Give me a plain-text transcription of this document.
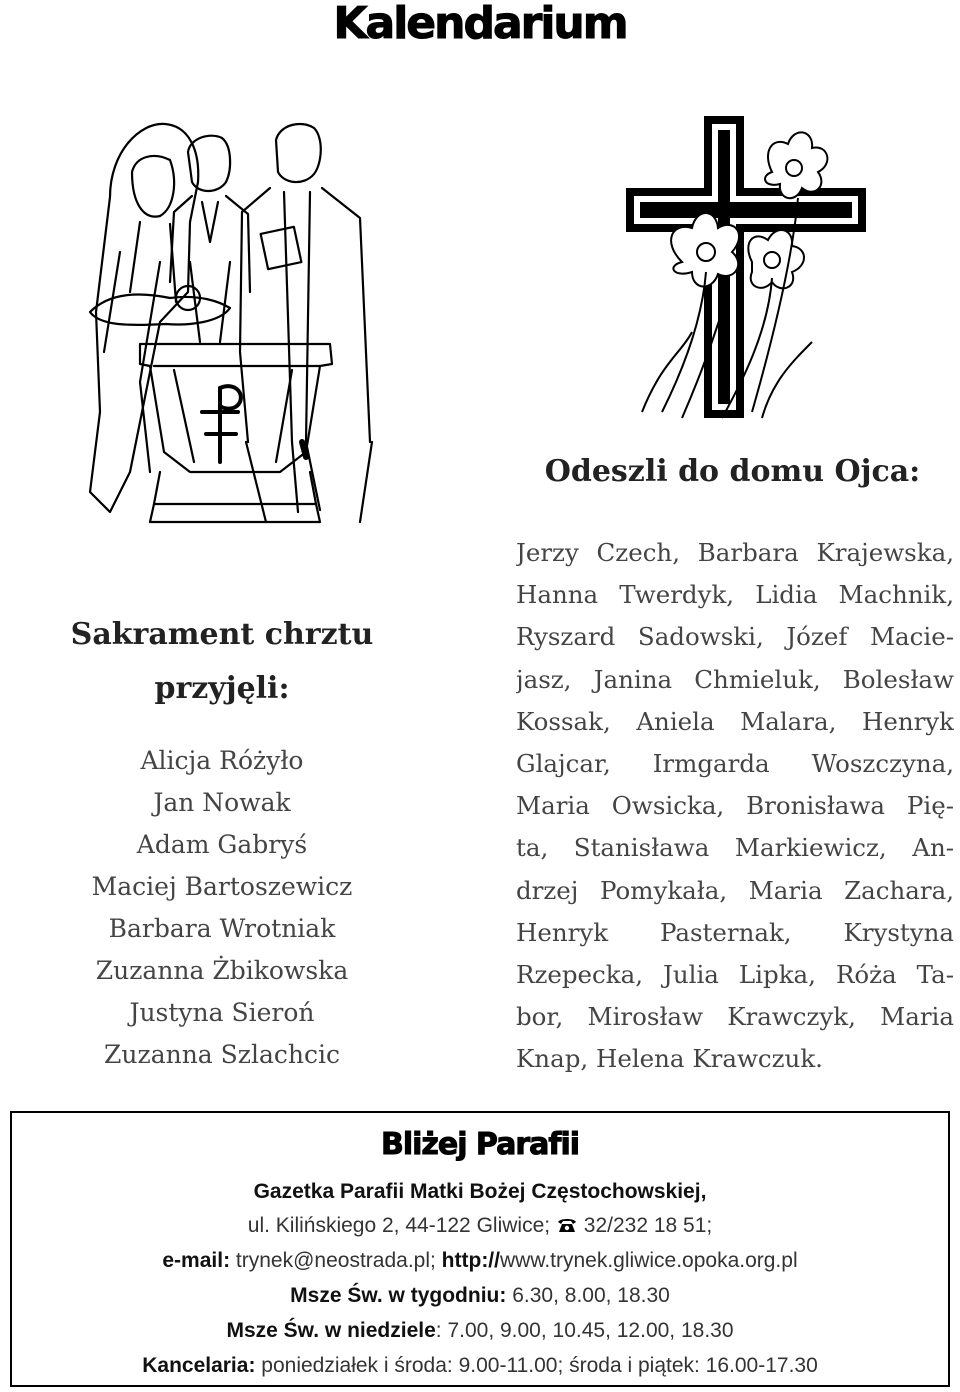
Kalendarium
Odeszli do domu Ojca:
Jerzy Czech, Barbara Krajewska,
Hanna Twerdyk, Lidia Machnik,
Ryszard Sadowski, Józef Macie-
jasz, Janina Chmieluk, Bolesław
Kossak, Aniela Malara, Henryk
Glajcar, Irmgarda Woszczyna,
Maria Owsicka, Bronisława Pię-
ta, Stanisława Markiewicz, An-
drzej Pomykała, Maria Zachara,
Henryk Pasternak, Krystyna
Rzepecka, Julia Lipka, Róża Ta-
bor, Mirosław Krawczyk, Maria
Knap, Helena Krawczuk.
Sakrament chrztu
przyjęli:
Alicja Różyło
Jan Nowak
Adam Gabryś
Maciej Bartoszewicz
Barbara Wrotniak
Zuzanna Żbikowska
Justyna Sieroń
Zuzanna Szlachcic
Bliżej Parafii
Gazetka Parafii Matki Bożej Częstochowskiej,
ul. Kilińskiego 2, 44-122 Gliwice; 32/232 18 51;
e-mail: trynek@neostrada.pl; http://www.trynek.gliwice.opoka.org.pl
Msze Św. w tygodniu: 6.30, 8.00, 18.30
Msze Św. w niedziele: 7.00, 9.00, 10.45, 12.00, 18.30
Kancelaria: poniedziałek i środa: 9.00-11.00; środa i piątek: 16.00-17.30
